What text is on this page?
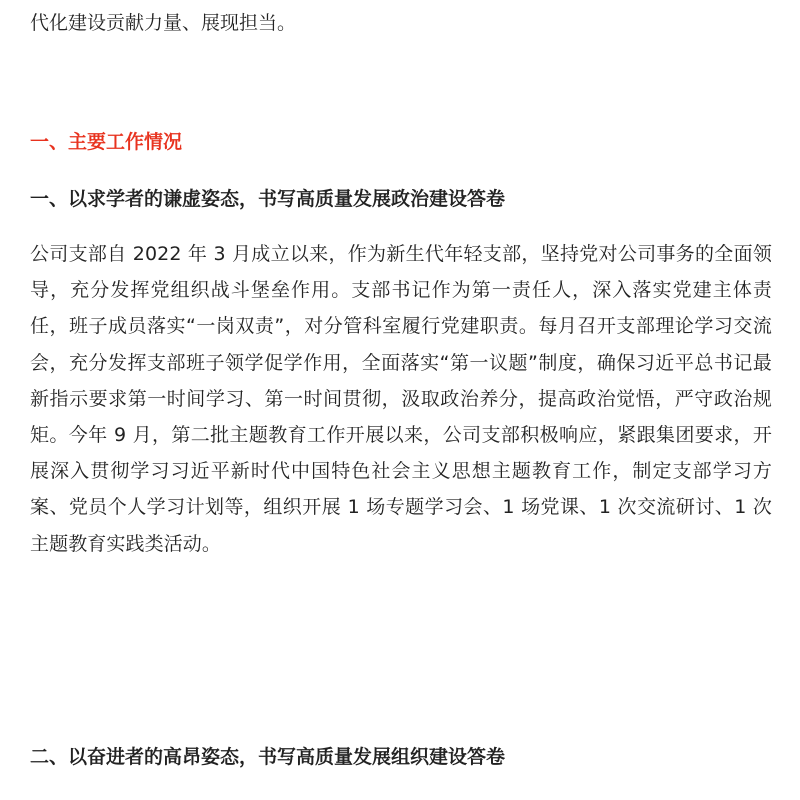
代化建设贡献力量、展现担当。
一、主要工作情况
一、以求学者的谦虚姿态，书写高质量发展政治建设答卷
公司支部自 2022 年 3 月成立以来，作为新生代年轻支部，坚持党对公司事务的全面领导，充分发挥党组织战斗堡垒作用。支部书记作为第一责任人，深入落实党建主体责任，班子成员落实“一岗双责”，对分管科室履行党建职责。每月召开支部理论学习交流会，充分发挥支部班子领学促学作用，全面落实“第一议题”制度，确保习近平总书记最新指示要求第一时间学习、第一时间贯彻，汲取政治养分，提高政治觉悟，严守政治规矩。今年 9 月，第二批主题教育工作开展以来，公司支部积极响应，紧跟集团要求，开展深入贯彻学习习近平新时代中国特色社会主义思想主题教育工作，制定支部学习方案、党员个人学习计划等，组织开展 1 场专题学习会、1 场党课、1 次交流研讨、1 次主题教育实践类活动。
二、以奋进者的高昂姿态，书写高质量发展组织建设答卷
